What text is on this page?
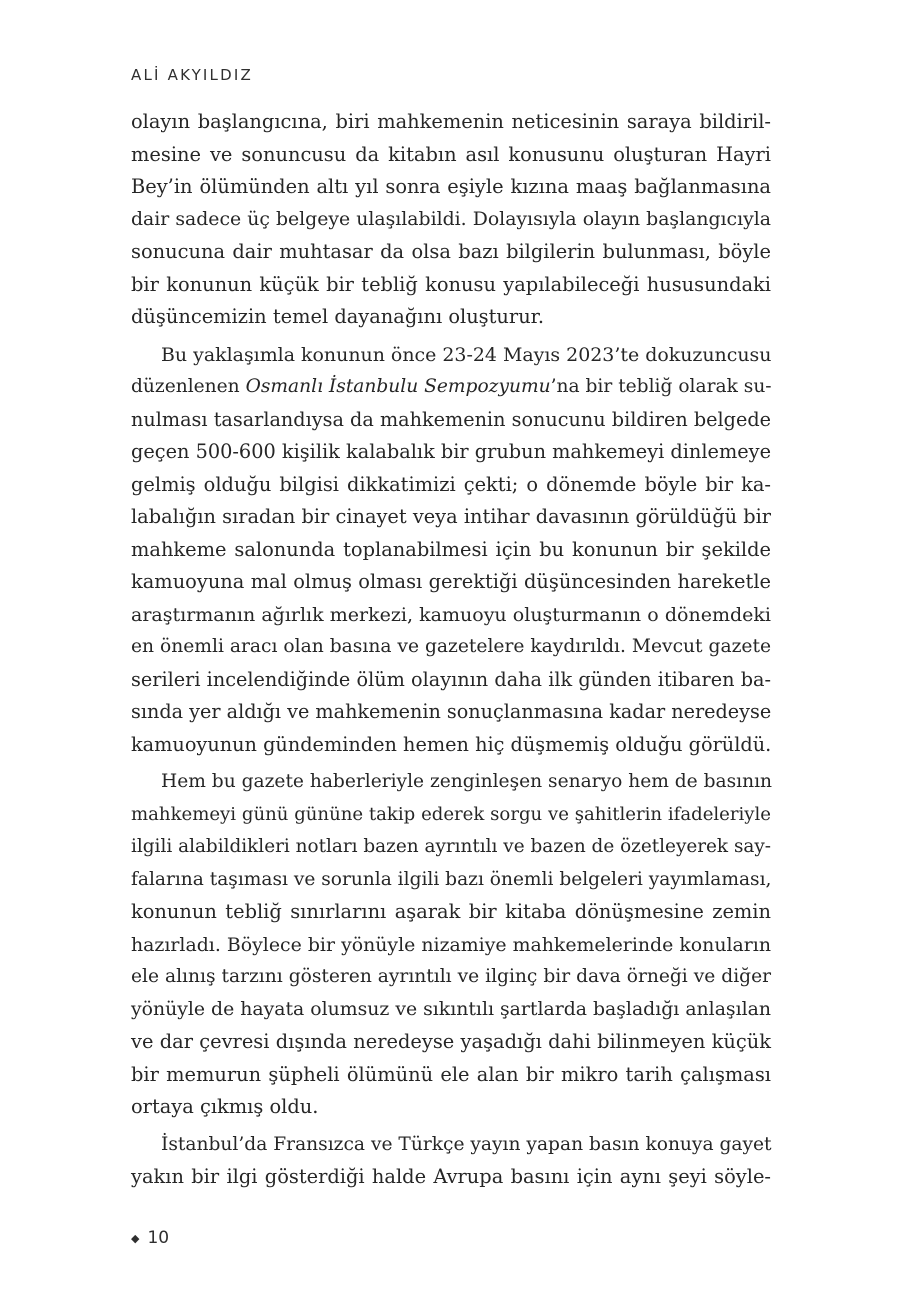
ALİ AKYILDIZ
olayın başlangıcına, biri mahkemenin neticesinin saraya bildiril-
mesine ve sonuncusu da kitabın asıl konusunu oluşturan Hayri
Bey’in ölümünden altı yıl sonra eşiyle kızına maaş bağlanmasına
dair sadece üç belgeye ulaşılabildi. Dolayısıyla olayın başlangıcıyla
sonucuna dair muhtasar da olsa bazı bilgilerin bulunması, böyle
bir konunun küçük bir tebliğ konusu yapılabileceği hususundaki
düşüncemizin temel dayanağını oluşturur.
Bu yaklaşımla konunun önce 23-24 Mayıs 2023’te dokuzuncusu
düzenlenen Osmanlı İstanbulu Sempozyumu’na bir tebliğ olarak su-
nulması tasarlandıysa da mahkemenin sonucunu bildiren belgede
geçen 500-600 kişilik kalabalık bir grubun mahkemeyi dinlemeye
gelmiş olduğu bilgisi dikkatimizi çekti; o dönemde böyle bir ka-
labalığın sıradan bir cinayet veya intihar davasının görüldüğü bir
mahkeme salonunda toplanabilmesi için bu konunun bir şekilde
kamuoyuna mal olmuş olması gerektiği düşüncesinden hareketle
araştırmanın ağırlık merkezi, kamuoyu oluşturmanın o dönemdeki
en önemli aracı olan basına ve gazetelere kaydırıldı. Mevcut gazete
serileri incelendiğinde ölüm olayının daha ilk günden itibaren ba-
sında yer aldığı ve mahkemenin sonuçlanmasına kadar neredeyse
kamuoyunun gündeminden hemen hiç düşmemiş olduğu görüldü.
Hem bu gazete haberleriyle zenginleşen senaryo hem de basının
mahkemeyi günü gününe takip ederek sorgu ve şahitlerin ifadeleriyle
ilgili alabildikleri notları bazen ayrıntılı ve bazen de özetleyerek say-
falarına taşıması ve sorunla ilgili bazı önemli belgeleri yayımlaması,
konunun tebliğ sınırlarını aşarak bir kitaba dönüşmesine zemin
hazırladı. Böylece bir yönüyle nizamiye mahkemelerinde konuların
ele alınış tarzını gösteren ayrıntılı ve ilginç bir dava örneği ve diğer
yönüyle de hayata olumsuz ve sıkıntılı şartlarda başladığı anlaşılan
ve dar çevresi dışında neredeyse yaşadığı dahi bilinmeyen küçük
bir memurun şüpheli ölümünü ele alan bir mikro tarih çalışması
ortaya çıkmış oldu.
İstanbul’da Fransızca ve Türkçe yayın yapan basın konuya gayet
yakın bir ilgi gösterdiği halde Avrupa basını için aynı şeyi söyle-
◆ 10
